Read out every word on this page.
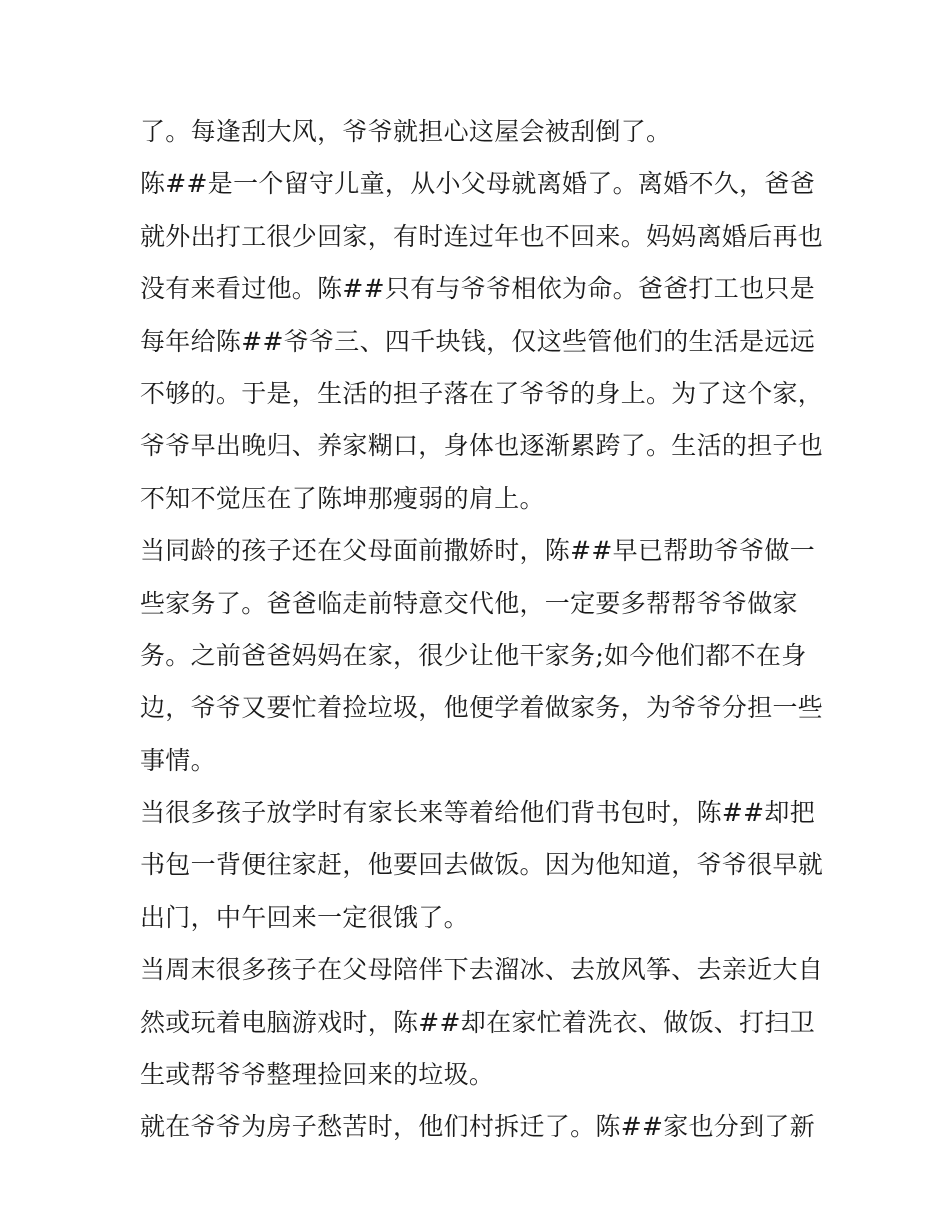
了。每逢刮大风，爷爷就担心这屋会被刮倒了。
陈##是一个留守儿童，从小父母就离婚了。离婚不久，爸爸
就外出打工很少回家，有时连过年也不回来。妈妈离婚后再也
没有来看过他。陈##只有与爷爷相依为命。爸爸打工也只是
每年给陈##爷爷三、四千块钱，仅这些管他们的生活是远远
不够的。于是，生活的担子落在了爷爷的身上。为了这个家，
爷爷早出晚归、养家糊口，身体也逐渐累跨了。生活的担子也
不知不觉压在了陈坤那瘦弱的肩上。
当同龄的孩子还在父母面前撒娇时，陈##早已帮助爷爷做一
些家务了。爸爸临走前特意交代他，一定要多帮帮爷爷做家
务。之前爸爸妈妈在家，很少让他干家务;如今他们都不在身
边，爷爷又要忙着捡垃圾，他便学着做家务，为爷爷分担一些
事情。
当很多孩子放学时有家长来等着给他们背书包时，陈##却把
书包一背便往家赶，他要回去做饭。因为他知道，爷爷很早就
出门，中午回来一定很饿了。
当周末很多孩子在父母陪伴下去溜冰、去放风筝、去亲近大自
然或玩着电脑游戏时，陈##却在家忙着洗衣、做饭、打扫卫
生或帮爷爷整理捡回来的垃圾。
就在爷爷为房子愁苦时，他们村拆迁了。陈##家也分到了新
